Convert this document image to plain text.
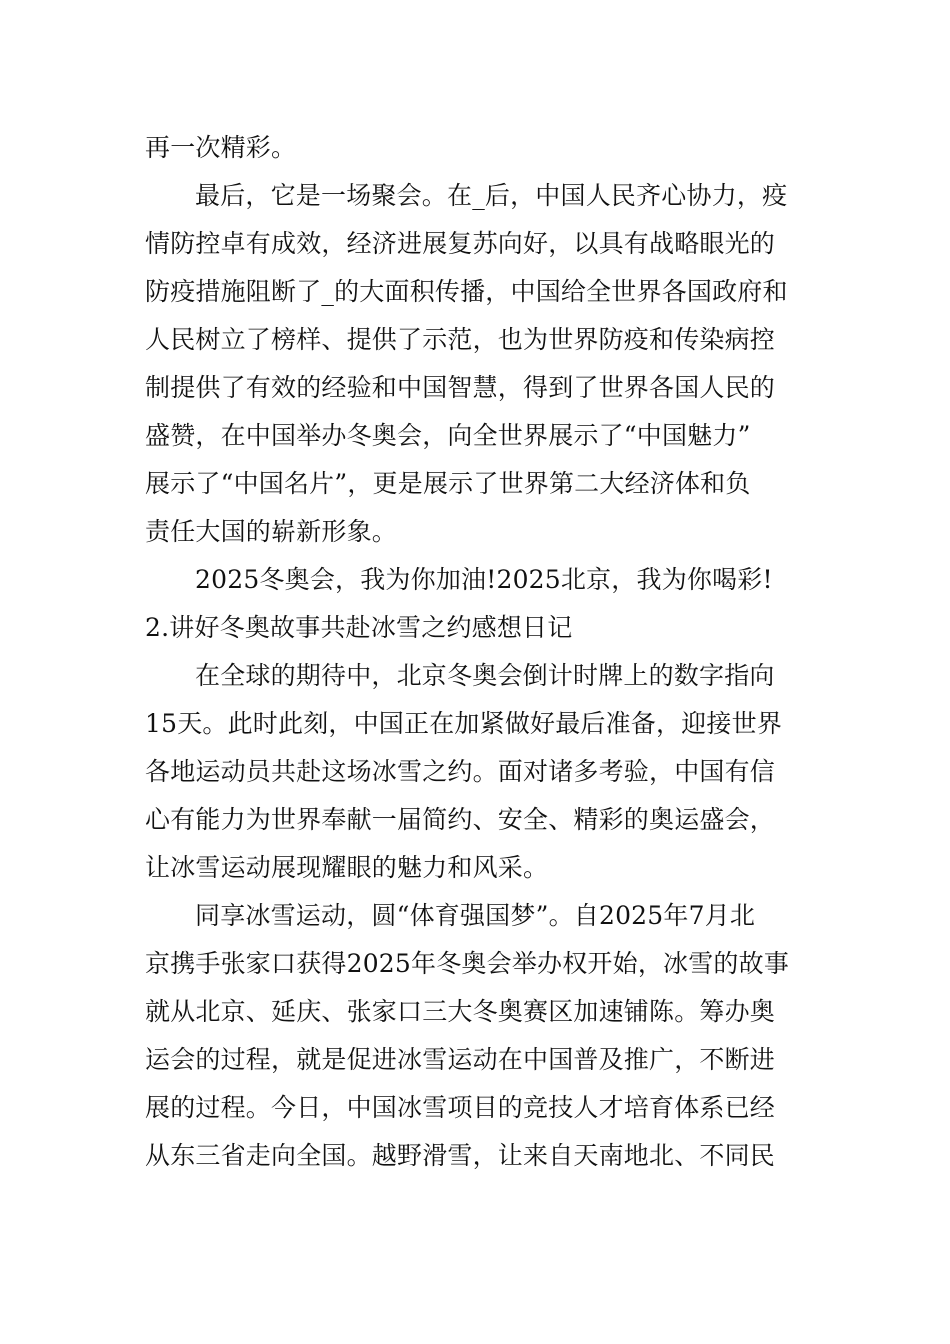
再一次精彩。
最后，它是一场聚会。在_后，中国人民齐心协力，疫
情防控卓有成效，经济进展复苏向好，以具有战略眼光的
防疫措施阻断了_的大面积传播，中国给全世界各国政府和
人民树立了榜样、提供了示范，也为世界防疫和传染病控
制提供了有效的经验和中国智慧，得到了世界各国人民的
盛赞，在中国举办冬奥会，向全世界展示了“中国魅力”
展示了“中国名片”，更是展示了世界第二大经济体和负
责任大国的崭新形象。
2025冬奥会，我为你加油!2025北京，我为你喝彩!
2.讲好冬奥故事共赴冰雪之约感想日记
在全球的期待中，北京冬奥会倒计时牌上的数字指向
15天。此时此刻，中国正在加紧做好最后准备，迎接世界
各地运动员共赴这场冰雪之约。面对诸多考验，中国有信
心有能力为世界奉献一届简约、安全、精彩的奥运盛会，
让冰雪运动展现耀眼的魅力和风采。
同享冰雪运动，圆“体育强国梦”。自2025年7月北
京携手张家口获得2025年冬奥会举办权开始，冰雪的故事
就从北京、延庆、张家口三大冬奥赛区加速铺陈。筹办奥
运会的过程，就是促进冰雪运动在中国普及推广，不断进
展的过程。今日，中国冰雪项目的竞技人才培育体系已经
从东三省走向全国。越野滑雪，让来自天南地北、不同民
